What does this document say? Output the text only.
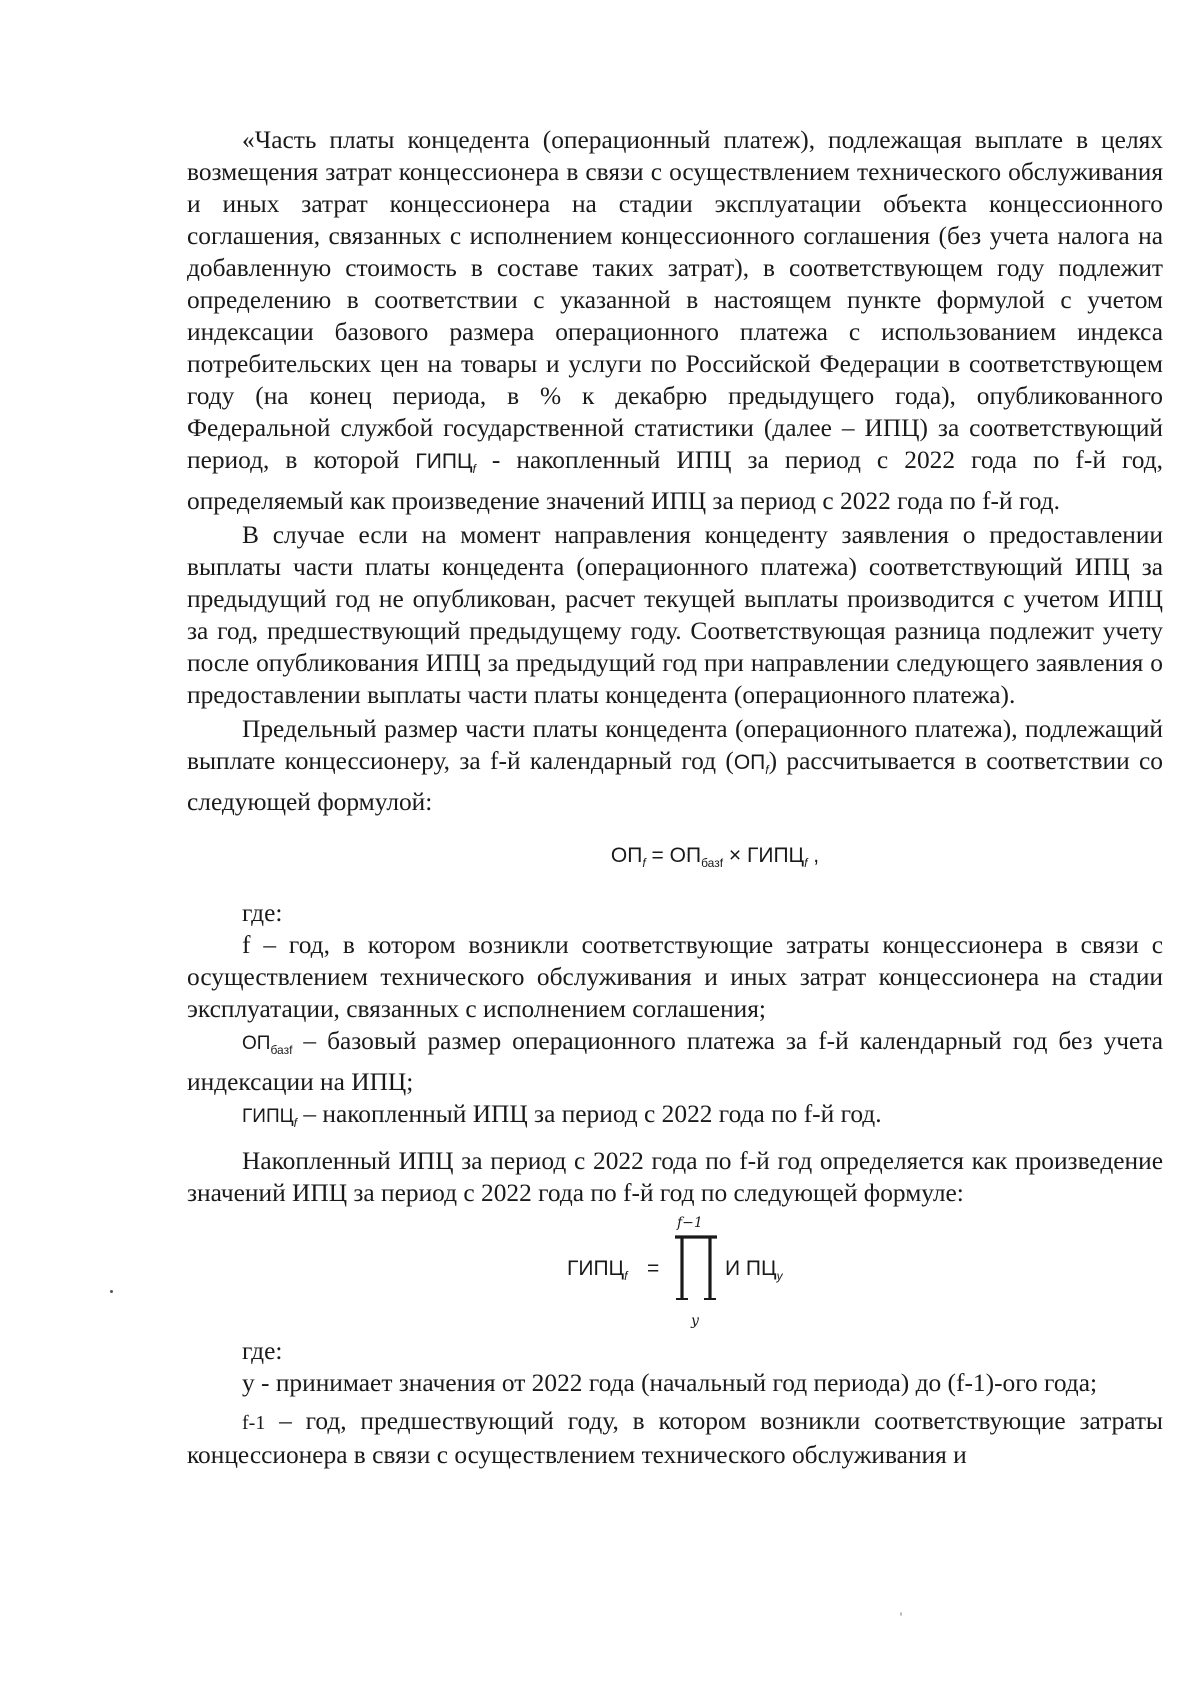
«Часть платы концедента (операционный платеж), подлежащая выплате в целях возмещения затрат концессионера в связи с осуществлением технического обслуживания и иных затрат концессионера на стадии эксплуатации объекта концессионного соглашения, связанных с исполнением концессионного соглашения (без учета налога на добавленную стоимость в составе таких затрат), в соответствующем году подлежит определению в соответствии с указанной в настоящем пункте формулой с учетом индексации базового размера операционного платежа с использованием индекса потребительских цен на товары и услуги по Российской Федерации в соответствующем году (на конец периода, в % к декабрю предыдущего года), опубликованного Федеральной службой государственной статистики (далее – ИПЦ) за соответствующий период, в которой $ГИПЦ_f$ - накопленный ИПЦ за период с 2022 года по f-й год, определяемый как произведение значений ИПЦ за период с 2022 года по f-й год.

В случае если на момент направления концеденту заявления о предоставлении выплаты части платы концедента (операционного платежа) соответствующий ИПЦ за предыдущий год не опубликован, расчет текущей выплаты производится с учетом ИПЦ за год, предшествующий предыдущему году. Соответствующая разница подлежит учету после опубликования ИПЦ за предыдущий год при направлении следующего заявления о предоставлении выплаты части платы концедента (операционного платежа).

Предельный размер части платы концедента (операционного платежа), подлежащий выплате концессионеру, за f-й календарный год $(ОП_f)$ рассчитывается в соответствии со следующей формулой:

$ОП_f = ОП_{базf}$ × $ГИПЦ_f$ ,

где:

f – год, в котором возникли соответствующие затраты концессионера в связи с осуществлением технического обслуживания и иных затрат концессионера на стадии эксплуатации, связанных с исполнением соглашения;

$ОП_{базf}$ – базовый размер операционного платежа за f-й календарный год без учета индексации на ИПЦ;

$ГИПЦ_f$ – накопленный ИПЦ за период с 2022 года по f-й год.

Накопленный ИПЦ за период с 2022 года по f-й год определяется как произведение значений ИПЦ за период с 2022 года по f-й год по следующей формуле:

$ГИПЦ_f$ =
f−1
y
И $ПЦ_y$

где:

y - принимает значения от 2022 года (начальный год периода) до (f-1)-ого года;

f-1 – год, предшествующий году, в котором возникли соответствующие затраты концессионера в связи с осуществлением технического обслуживания и
